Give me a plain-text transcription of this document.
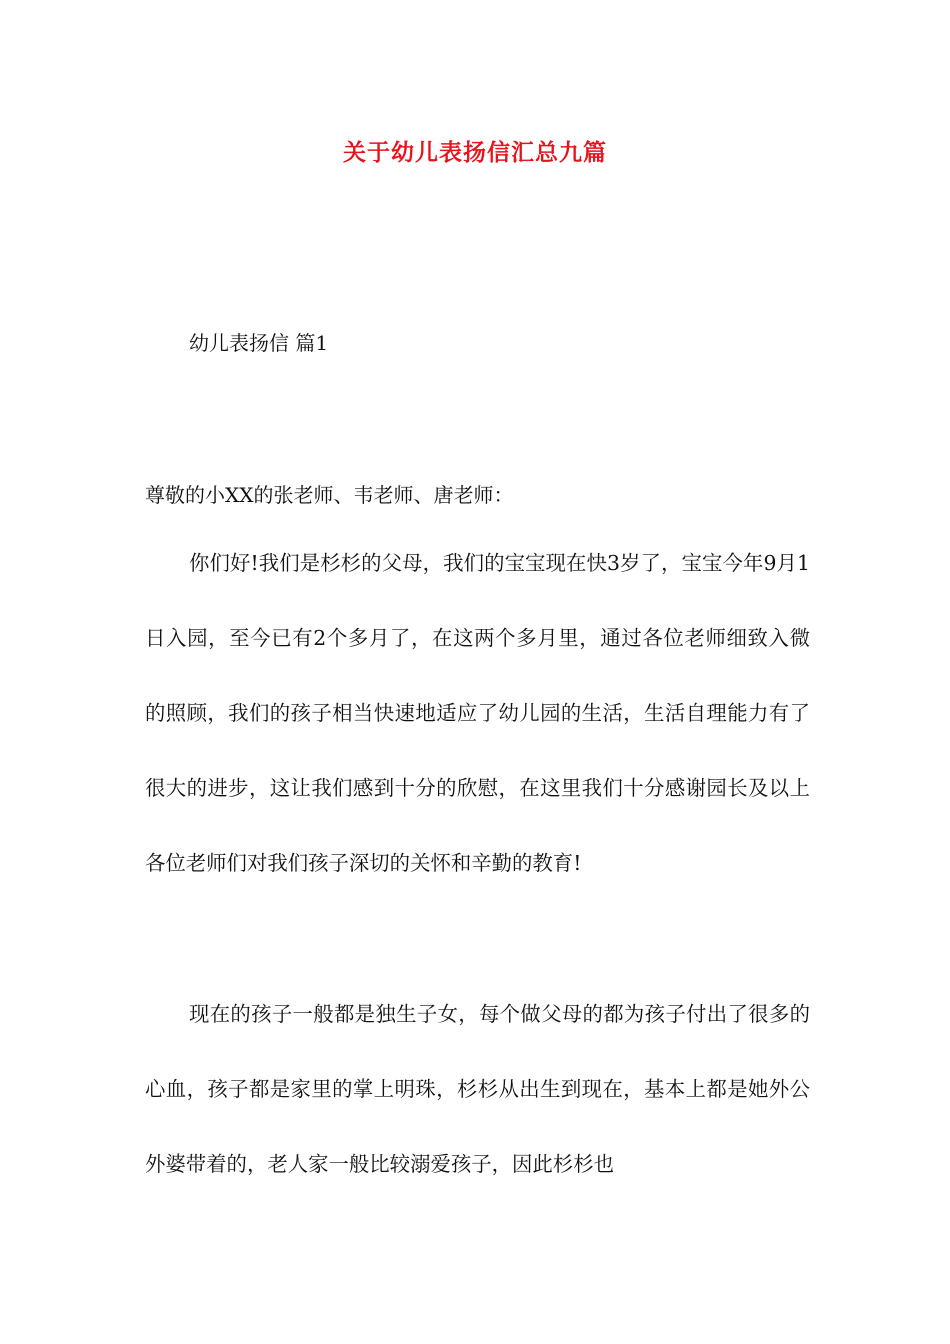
关于幼儿表扬信汇总九篇
幼儿表扬信 篇1
尊敬的小XX的张老师、韦老师、唐老师：

你们好!我们是杉杉的父母，我们的宝宝现在快3岁了，宝宝今年9月1日入园，至今已有2个多月了，在这两个多月里，通过各位老师细致入微的照顾，我们的孩子相当快速地适应了幼儿园的生活，生活自理能力有了很大的进步，这让我们感到十分的欣慰，在这里我们十分感谢园长及以上各位老师们对我们孩子深切的关怀和辛勤的教育!

现在的孩子一般都是独生子女，每个做父母的都为孩子付出了很多的心血，孩子都是家里的掌上明珠，杉杉从出生到现在，基本上都是她外公外婆带着的，老人家一般比较溺爱孩子，因此杉杉也
